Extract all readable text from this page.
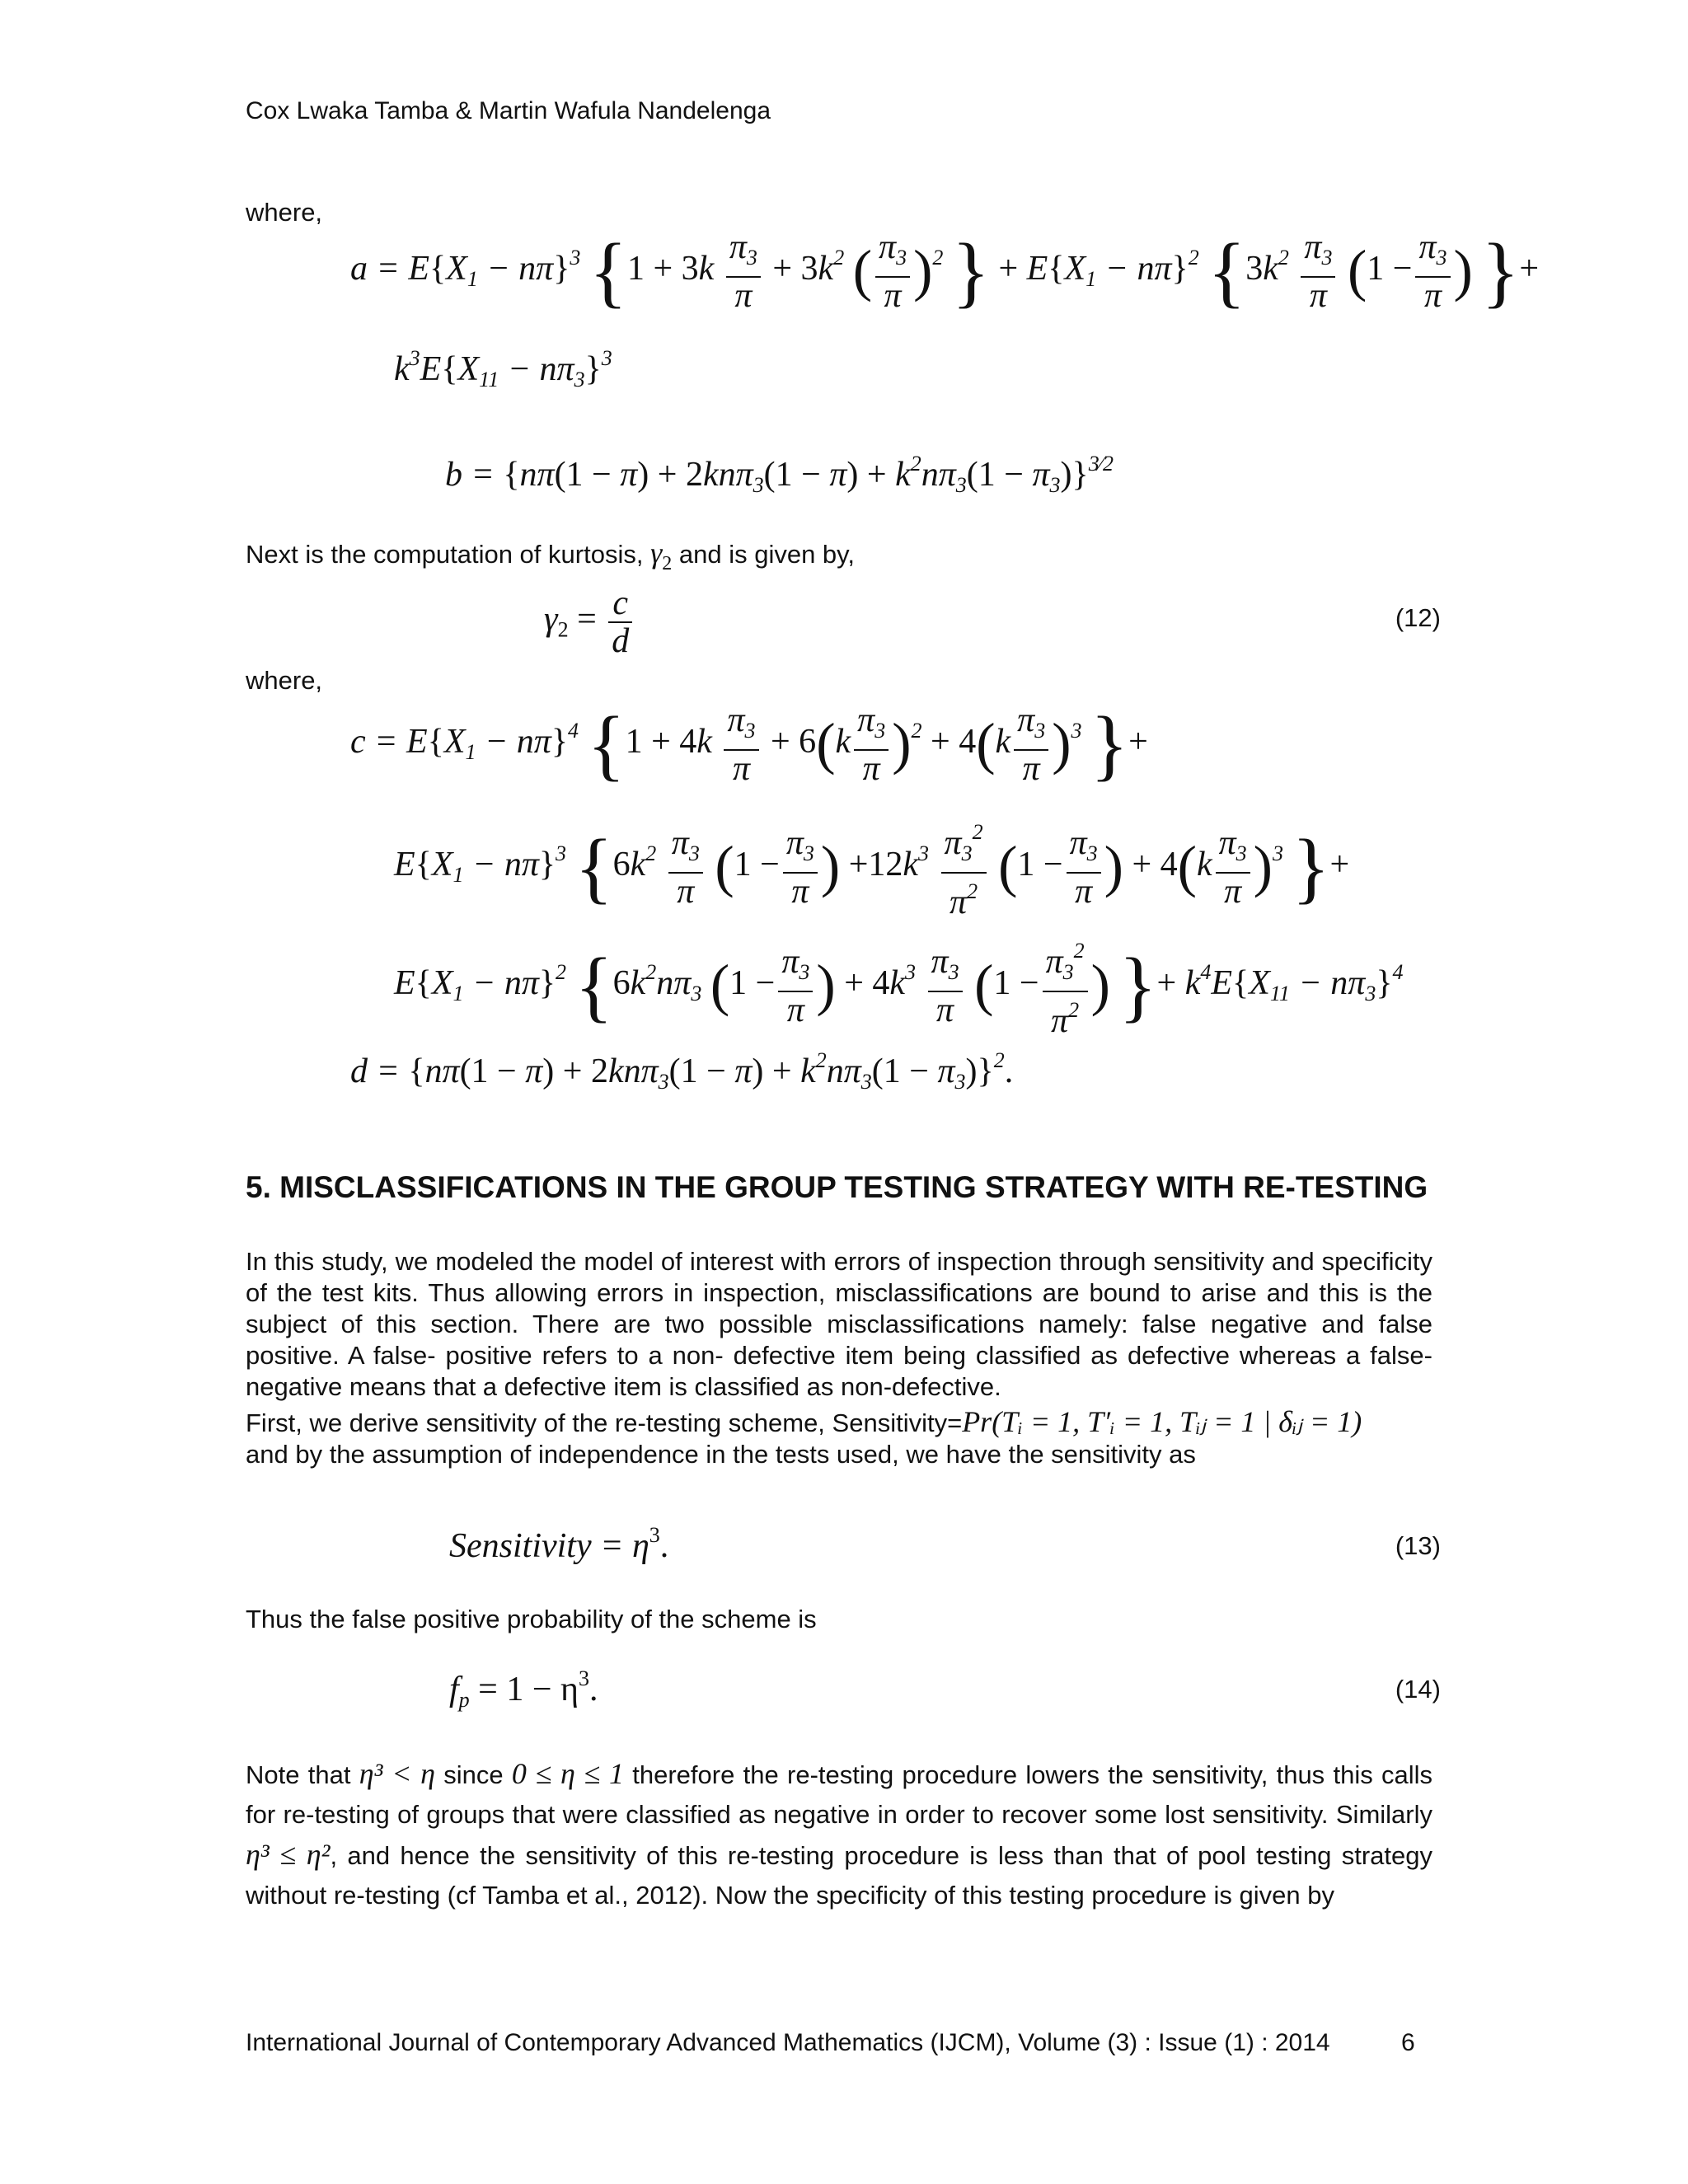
Cox Lwaka Tamba & Martin Wafula Nandelenga
where,
$a = E\{X_1 - n\pi\}^3$ {$1 + 3k \frac{\pi_3}{\pi} + 3k^2$ ( $\frac{\pi_3}{\pi} )^2$ } + $E\{X_1 - n\pi\}^2$ {$3k^2 \frac{\pi_3}{\pi} (1 - \frac{\pi_3}{\pi}$ ) }+
$k^3E\{X_{11} - n\pi_3\}^3$
$b = \{n\pi(1 - \pi) + 2kn\pi_3(1 - \pi) + k^2n\pi_3(1 - \pi_3)\}^{3⁄2}$
Next is the computation of kurtosis, $\gamma_2$ and is given by,
$\gamma_2 = \frac{c}{d}$	(12)
where,
$c = E\{X_1 - n\pi\}^4$ {$1 + 4k \frac{\pi_3}{\pi} + 6(k \frac{\pi_3}{\pi} )^2 + 4(k \frac{\pi_3}{\pi} )^3$ }+
$E\{X_1 - n\pi\}^3$ {$6k^2 \frac{\pi_3}{\pi} (1 - \frac{\pi_3}{\pi}$ ) $+12k^3 \frac{\pi_3^2}{\pi^2} (1 - \frac{\pi_3}{\pi}$ ) + $4(k \frac{\pi_3}{\pi} )^3$ }+
$E\{X_1 - n\pi\}^2$ {$6k^2n\pi_3$ ($1 - \frac{\pi_3}{\pi}$ ) + $4k^3 \frac{\pi_3}{\pi} (1 - \frac{\pi_3^2}{\pi^2}$ ) }+ $k^4E\{X_{11} - n\pi_3\}^4$
$d = \{n\pi(1 - \pi) + 2kn\pi_3(1 - \pi) + k^2n\pi_3(1 - \pi_3)\}^2$.
5. MISCLASSIFICATIONS IN THE GROUP TESTING STRATEGY WITH RE-TESTING
In this study, we modeled the model of interest with errors of inspection through sensitivity and specificity of the test kits. Thus allowing errors in inspection, misclassifications are bound to arise and this is the subject of this section. There are two possible misclassifications namely: false negative and false positive. A false- positive refers to a non- defective item being classified as defective whereas a false- negative means that a defective item is classified as non-defective.
First, we derive sensitivity of the re-testing scheme, Sensitivity=Pr(Tᵢ = 1, T′ᵢ = 1, Tᵢⱼ = 1 | δᵢⱼ = 1)
and by the assumption of independence in the tests used, we have the sensitivity as
Sensitivity = $\eta^3$.	(13)
Thus the false positive probability of the scheme is
$f_p = 1 - \eta^3$.	(14)
Note that η³ < η since 0 ≤ η ≤ 1 therefore the re-testing procedure lowers the sensitivity, thus this calls for re-testing of groups that were classified as negative in order to recover some lost sensitivity. Similarly η³ ≤ η², and hence the sensitivity of this re-testing procedure is less than that of pool testing strategy without re-testing (cf Tamba et al., 2012). Now the specificity of this testing procedure is given by
International Journal of Contemporary Advanced Mathematics (IJCM), Volume (3) : Issue (1) : 2014	6
